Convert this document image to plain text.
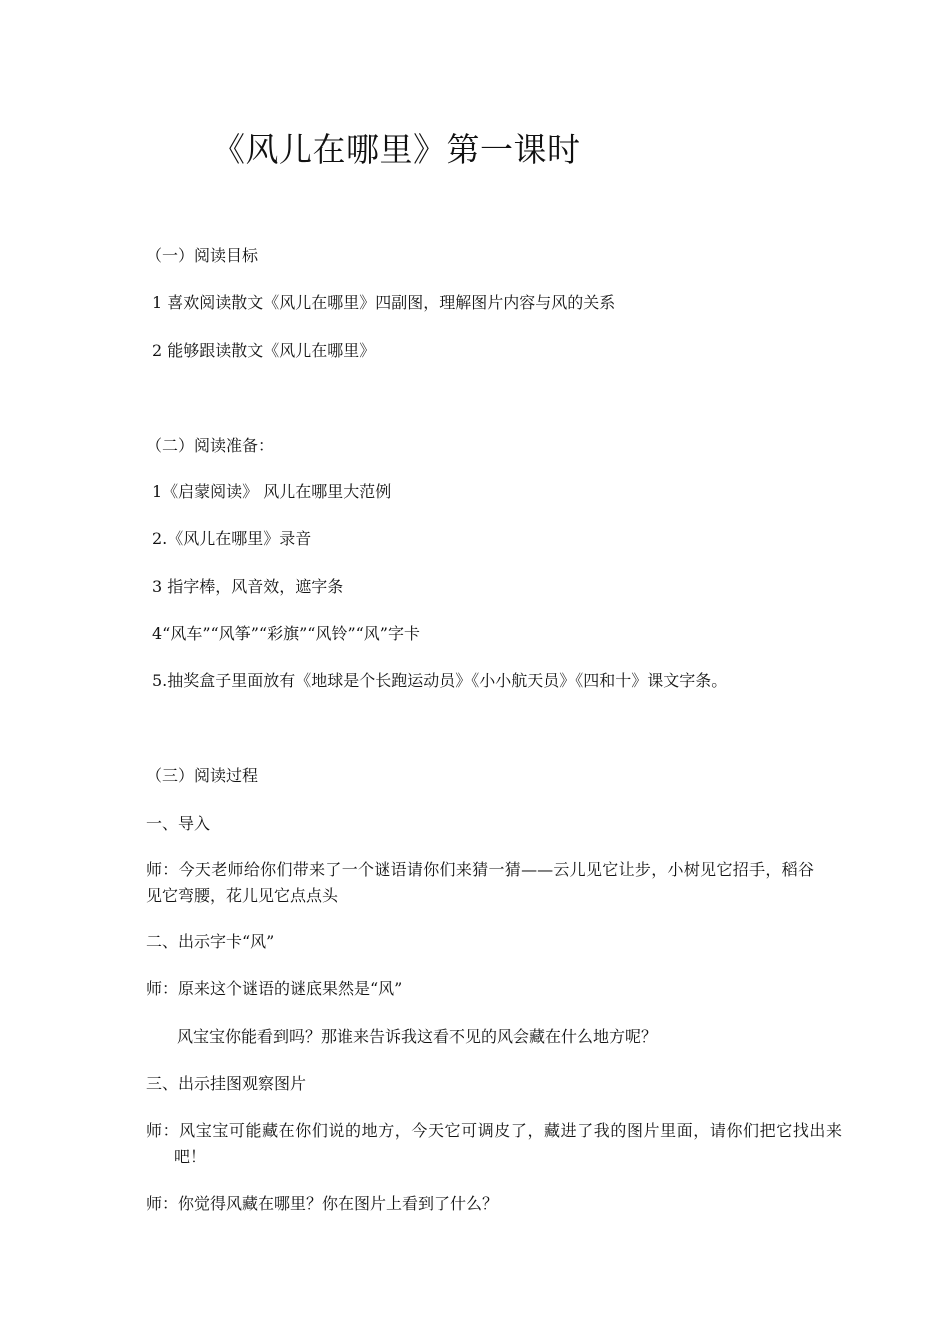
《风儿在哪里》第一课时
（一）阅读目标
1 喜欢阅读散文《风儿在哪里》四副图，理解图片内容与风的关系
2 能够跟读散文《风儿在哪里》
（二）阅读准备：
1《启蒙阅读》 风儿在哪里大范例
2.《风儿在哪里》录音
3 指字棒，风音效，遮字条
4“风车”“风筝”“彩旗”“风铃”“风”字卡
5.抽奖盒子里面放有《地球是个长跑运动员》《小小航天员》《四和十》课文字条。
（三）阅读过程
一、导入
师：今天老师给你们带来了一个谜语请你们来猜一猜——云儿见它让步，小树见它招手，稻谷见它弯腰，花儿见它点点头
二、出示字卡“风”
师：原来这个谜语的谜底果然是“风”
风宝宝你能看到吗？那谁来告诉我这看不见的风会藏在什么地方呢？
三、出示挂图观察图片
师：风宝宝可能藏在你们说的地方，今天它可调皮了，藏进了我的图片里面，请你们把它找出来吧！
师：你觉得风藏在哪里？你在图片上看到了什么？
